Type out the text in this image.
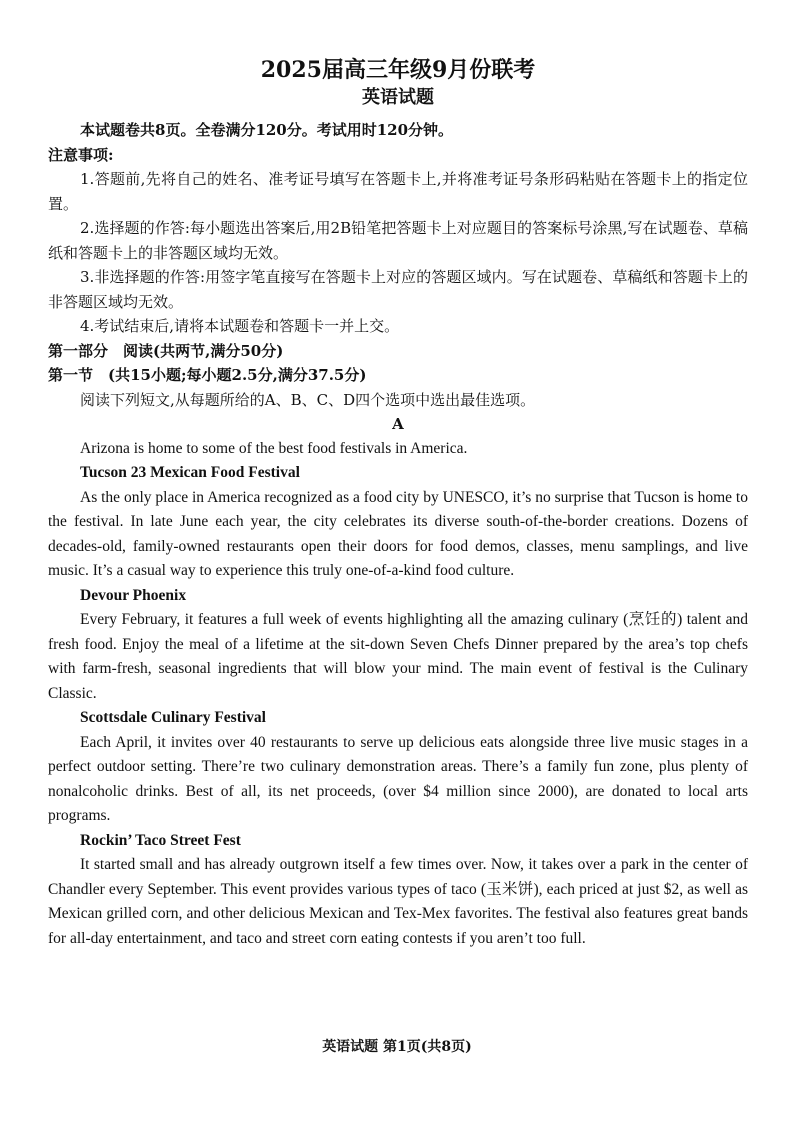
2025届高三年级9月份联考
英语试题

本试题卷共8页。全卷满分120分。考试用时120分钟。

注意事项:

1.答题前,先将自己的姓名、准考证号填写在答题卡上,并将准考证号条形码粘贴在答题卡上的指定位置。

2.选择题的作答:每小题选出答案后,用2B铅笔把答题卡上对应题目的答案标号涂黑,写在试题卷、草稿纸和答题卡上的非答题区域均无效。

3.非选择题的作答:用签字笔直接写在答题卡上对应的答题区域内。写在试题卷、草稿纸和答题卡上的非答题区域均无效。

4.考试结束后,请将本试题卷和答题卡一并上交。

第一部分　阅读(共两节,满分50分)

第一节　(共15小题;每小题2.5分,满分37.5分)

阅读下列短文,从每题所给的A、B、C、D四个选项中选出最佳选项。

A

Arizona is home to some of the best food festivals in America.

Tucson 23 Mexican Food Festival

As the only place in America recognized as a food city by UNESCO, it’s no surprise that Tucson is home to the festival. In late June each year, the city celebrates its diverse south-of-the-border creations. Dozens of decades-old, family-owned restaurants open their doors for food demos, classes, menu samplings, and live music. It’s a casual way to experience this truly one-of-a-kind food culture.

Devour Phoenix

Every February, it features a full week of events highlighting all the amazing culinary (烹饪的) talent and fresh food. Enjoy the meal of a lifetime at the sit-down Seven Chefs Dinner prepared by the area’s top chefs with farm-fresh, seasonal ingredients that will blow your mind. The main event of festival is the Culinary Classic.

Scottsdale Culinary Festival

Each April, it invites over 40 restaurants to serve up delicious eats alongside three live music stages in a perfect outdoor setting. There’re two culinary demonstration areas. There’s a family fun zone, plus plenty of nonalcoholic drinks. Best of all, its net proceeds, (over $4 million since 2000), are donated to local arts programs.

Rockin’ Taco Street Fest

It started small and has already outgrown itself a few times over. Now, it takes over a park in the center of Chandler every September. This event provides various types of taco (玉米饼), each priced at just $2, as well as Mexican grilled corn, and other delicious Mexican and Tex-Mex favorites. The festival also features great bands for all-day entertainment, and taco and street corn eating contests if you aren’t too full.

英语试题 第1页(共8页)
